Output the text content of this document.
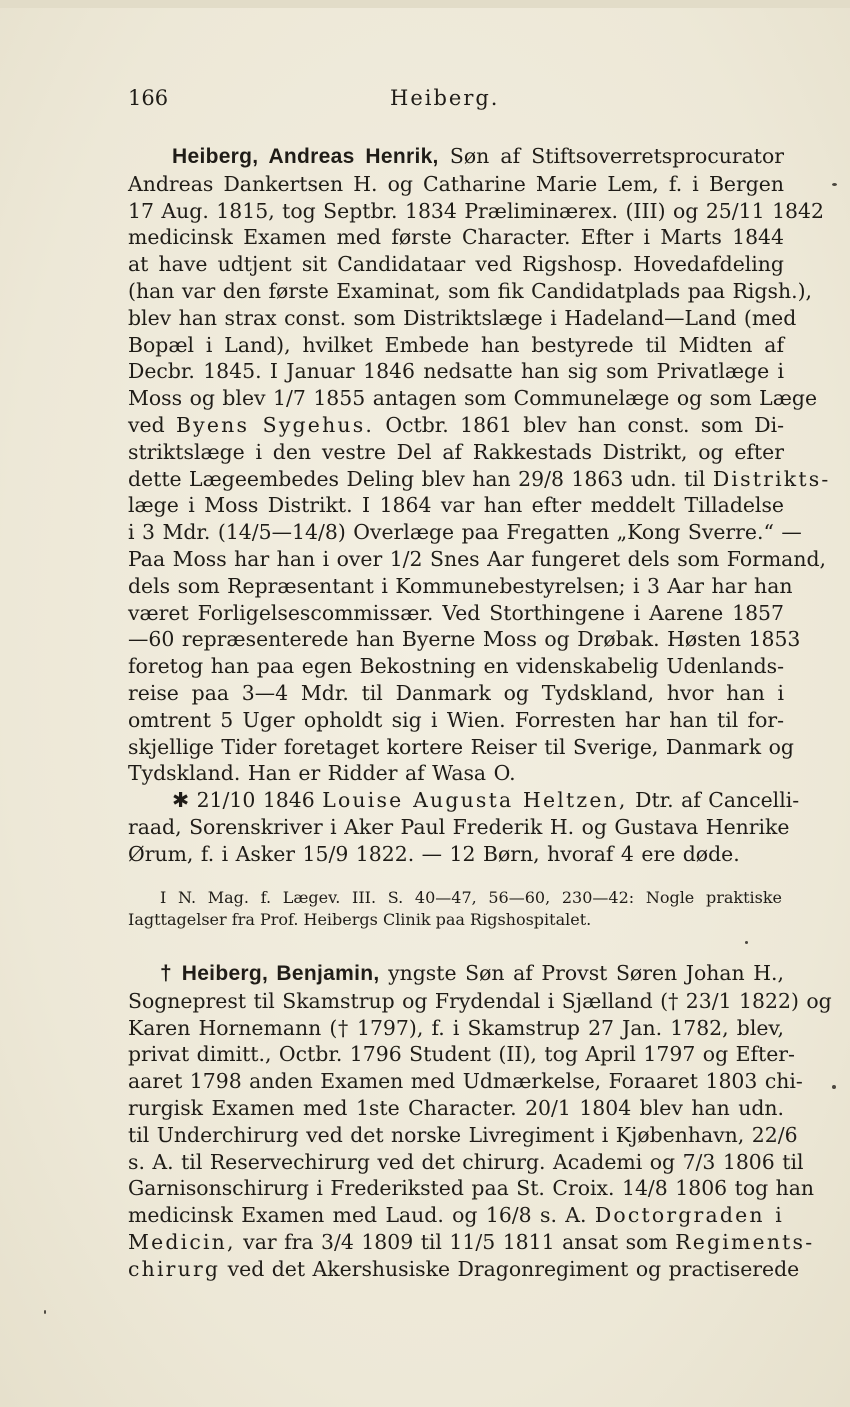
166	Heiberg.
Heiberg, Andreas Henrik, Søn af Stiftsoverretsprocurator
Andreas Dankertsen H. og Catharine Marie Lem, f. i Bergen
17 Aug. 1815, tog Septbr. 1834 Præliminærex. (III) og 25/11 1842
medicinsk Examen med første Character. Efter i Marts 1844
at have udtjent sit Candidataar ved Rigshosp. Hovedafdeling
(han var den første Examinat, som fik Candidatplads paa Rigsh.),
blev han strax const. som Distriktslæge i Hadeland—Land (med
Bopæl i Land), hvilket Embede han bestyrede til Midten af
Decbr. 1845. I Januar 1846 nedsatte han sig som Privatlæge i
Moss og blev 1/7 1855 antagen som Communelæge og som Læge
ved Byens Sygehus. Octbr. 1861 blev han const. som Di-
striktslæge i den vestre Del af Rakkestads Distrikt, og efter
dette Lægeembedes Deling blev han 29/8 1863 udn. til Distrikts-
læge i Moss Distrikt. I 1864 var han efter meddelt Tilladelse
i 3 Mdr. (14/5—14/8) Overlæge paa Fregatten „Kong Sverre.“ —
Paa Moss har han i over 1/2 Snes Aar fungeret dels som Formand,
dels som Repræsentant i Kommunebestyrelsen; i 3 Aar har han
været Forligelsescommissær. Ved Storthingene i Aarene 1857
—60 repræsenterede han Byerne Moss og Drøbak. Høsten 1853
foretog han paa egen Bekostning en videnskabelig Udenlands-
reise paa 3—4 Mdr. til Danmark og Tydskland, hvor han i
omtrent 5 Uger opholdt sig i Wien. Forresten har han til for-
skjellige Tider foretaget kortere Reiser til Sverige, Danmark og
Tydskland. Han er Ridder af Wasa O.
✱ 21/10 1846 Louise Augusta Heltzen, Dtr. af Cancelli-
raad, Sorenskriver i Aker Paul Frederik H. og Gustava Henrike
Ørum, f. i Asker 15/9 1822. — 12 Børn, hvoraf 4 ere døde.
I N. Mag. f. Lægev. III. S. 40—47, 56—60, 230—42: Nogle praktiske
Iagttagelser fra Prof. Heibergs Clinik paa Rigshospitalet.
† Heiberg, Benjamin, yngste Søn af Provst Søren Johan H.,
Sogneprest til Skamstrup og Frydendal i Sjælland († 23/1 1822) og
Karen Hornemann († 1797), f. i Skamstrup 27 Jan. 1782, blev,
privat dimitt., Octbr. 1796 Student (II), tog April 1797 og Efter-
aaret 1798 anden Examen med Udmærkelse, Foraaret 1803 chi-
rurgisk Examen med 1ste Character. 20/1 1804 blev han udn.
til Underchirurg ved det norske Livregiment i Kjøbenhavn, 22/6
s. A. til Reservechirurg ved det chirurg. Academi og 7/3 1806 til
Garnisonschirurg i Frederiksted paa St. Croix. 14/8 1806 tog han
medicinsk Examen med Laud. og 16/8 s. A. Doctorgraden i
Medicin, var fra 3/4 1809 til 11/5 1811 ansat som Regiments-
chirurg ved det Akershusiske Dragonregiment og practiserede
